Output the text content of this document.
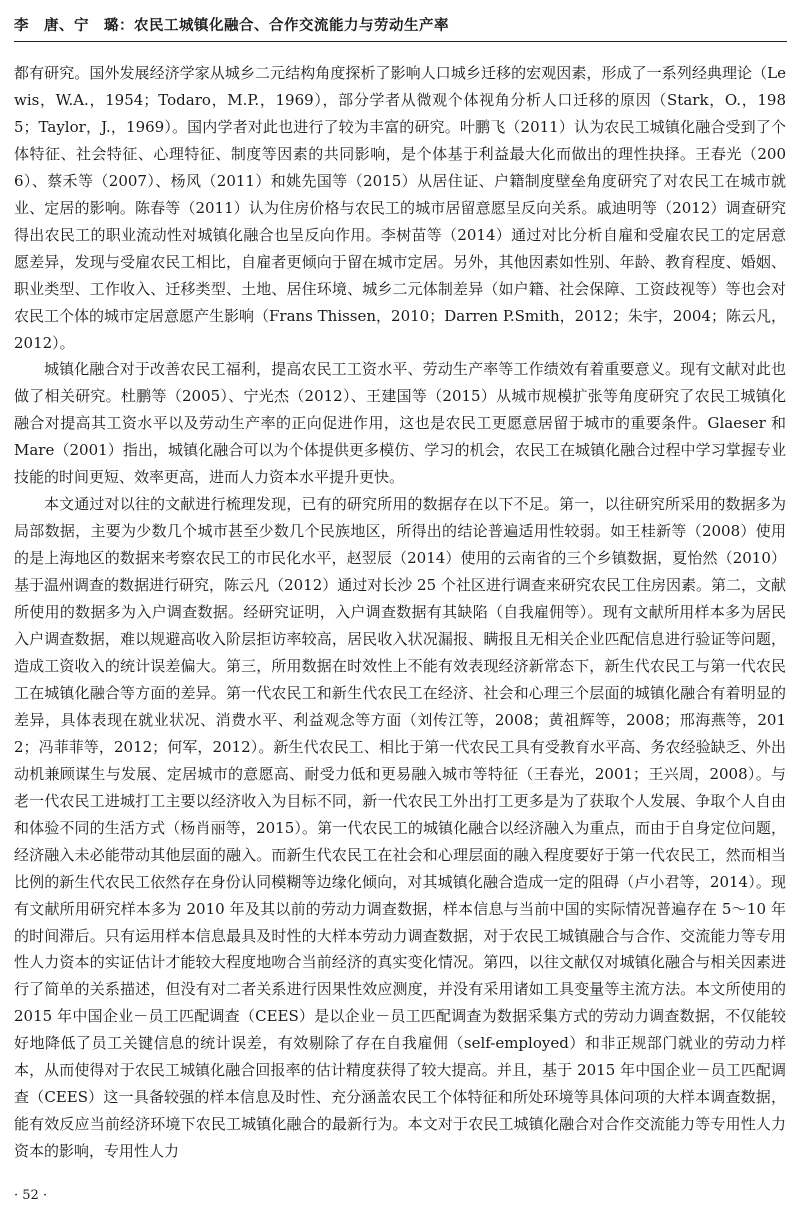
李　唐、宁　璐：农民工城镇化融合、合作交流能力与劳动生产率

都有研究。国外发展经济学家从城乡二元结构角度探析了影响人口城乡迁移的宏观因素，形成了一系列经典理论（Lewis，W.A.，1954；Todaro，M.P.，1969），部分学者从微观个体视角分析人口迁移的原因（Stark，O.，1985；Taylor，J.，1969）。国内学者对此也进行了较为丰富的研究。叶鹏飞（2011）认为农民工城镇化融合受到了个体特征、社会特征、心理特征、制度等因素的共同影响，是个体基于利益最大化而做出的理性抉择。王春光（2006）、蔡禾等（2007）、杨风（2011）和姚先国等（2015）从居住证、户籍制度壁垒角度研究了对农民工在城市就业、定居的影响。陈春等（2011）认为住房价格与农民工的城市居留意愿呈反向关系。戚迪明等（2012）调查研究得出农民工的职业流动性对城镇化融合也呈反向作用。李树苗等（2014）通过对比分析自雇和受雇农民工的定居意愿差异，发现与受雇农民工相比，自雇者更倾向于留在城市定居。另外，其他因素如性别、年龄、教育程度、婚姻、职业类型、工作收入、迁移类型、土地、居住环境、城乡二元体制差异（如户籍、社会保障、工资歧视等）等也会对农民工个体的城市定居意愿产生影响（Frans Thissen，2010；Darren P.Smith，2012；朱宇，2004；陈云凡，2012）。

城镇化融合对于改善农民工福利，提高农民工工资水平、劳动生产率等工作绩效有着重要意义。现有文献对此也做了相关研究。杜鹏等（2005）、宁光杰（2012）、王建国等（2015）从城市规模扩张等角度研究了农民工城镇化融合对提高其工资水平以及劳动生产率的正向促进作用，这也是农民工更愿意居留于城市的重要条件。Glaeser 和 Mare（2001）指出，城镇化融合可以为个体提供更多模仿、学习的机会，农民工在城镇化融合过程中学习掌握专业技能的时间更短、效率更高，进而人力资本水平提升更快。

本文通过对以往的文献进行梳理发现，已有的研究所用的数据存在以下不足。第一，以往研究所采用的数据多为局部数据，主要为少数几个城市甚至少数几个民族地区，所得出的结论普遍适用性较弱。如王桂新等（2008）使用的是上海地区的数据来考察农民工的市民化水平，赵翌辰（2014）使用的云南省的三个乡镇数据，夏怡然（2010）基于温州调查的数据进行研究，陈云凡（2012）通过对长沙 25 个社区进行调查来研究农民工住房因素。第二，文献所使用的数据多为入户调查数据。经研究证明，入户调查数据有其缺陷（自我雇佣等）。现有文献所用样本多为居民入户调查数据，难以规避高收入阶层拒访率较高，居民收入状况漏报、瞒报且无相关企业匹配信息进行验证等问题，造成工资收入的统计误差偏大。第三，所用数据在时效性上不能有效表现经济新常态下，新生代农民工与第一代农民工在城镇化融合等方面的差异。第一代农民工和新生代农民工在经济、社会和心理三个层面的城镇化融合有着明显的差异，具体表现在就业状况、消费水平、利益观念等方面（刘传江等，2008；黄祖辉等，2008；邢海燕等，2012；冯菲菲等，2012；何军，2012）。新生代农民工、相比于第一代农民工具有受教育水平高、务农经验缺乏、外出动机兼顾谋生与发展、定居城市的意愿高、耐受力低和更易融入城市等特征（王春光，2001；王兴周，2008）。与老一代农民工进城打工主要以经济收入为目标不同，新一代农民工外出打工更多是为了获取个人发展、争取个人自由和体验不同的生活方式（杨肖丽等，2015）。第一代农民工的城镇化融合以经济融入为重点，而由于自身定位问题，经济融入未必能带动其他层面的融入。而新生代农民工在社会和心理层面的融入程度要好于第一代农民工，然而相当比例的新生代农民工依然存在身份认同模糊等边缘化倾向，对其城镇化融合造成一定的阻碍（卢小君等，2014）。现有文献所用研究样本多为 2010 年及其以前的劳动力调查数据，样本信息与当前中国的实际情况普遍存在 5～10 年的时间滞后。只有运用样本信息最具及时性的大样本劳动力调查数据，对于农民工城镇融合与合作、交流能力等专用性人力资本的实证估计才能较大程度地吻合当前经济的真实变化情况。第四，以往文献仅对城镇化融合与相关因素进行了简单的关系描述，但没有对二者关系进行因果性效应测度，并没有采用诸如工具变量等主流方法。本文所使用的 2015 年中国企业－员工匹配调查（CEES）是以企业－员工匹配调查为数据采集方式的劳动力调查数据，不仅能较好地降低了员工关键信息的统计误差，有效剔除了存在自我雇佣（self-employed）和非正规部门就业的劳动力样本，从而使得对于农民工城镇化融合回报率的估计精度获得了较大提高。并且，基于 2015 年中国企业－员工匹配调查（CEES）这一具备较强的样本信息及时性、充分涵盖农民工个体特征和所处环境等具体问项的大样本调查数据，能有效反应当前经济环境下农民工城镇化融合的最新行为。本文对于农民工城镇化融合对合作交流能力等专用性人力资本的影响，专用性人力

· 52 ·
